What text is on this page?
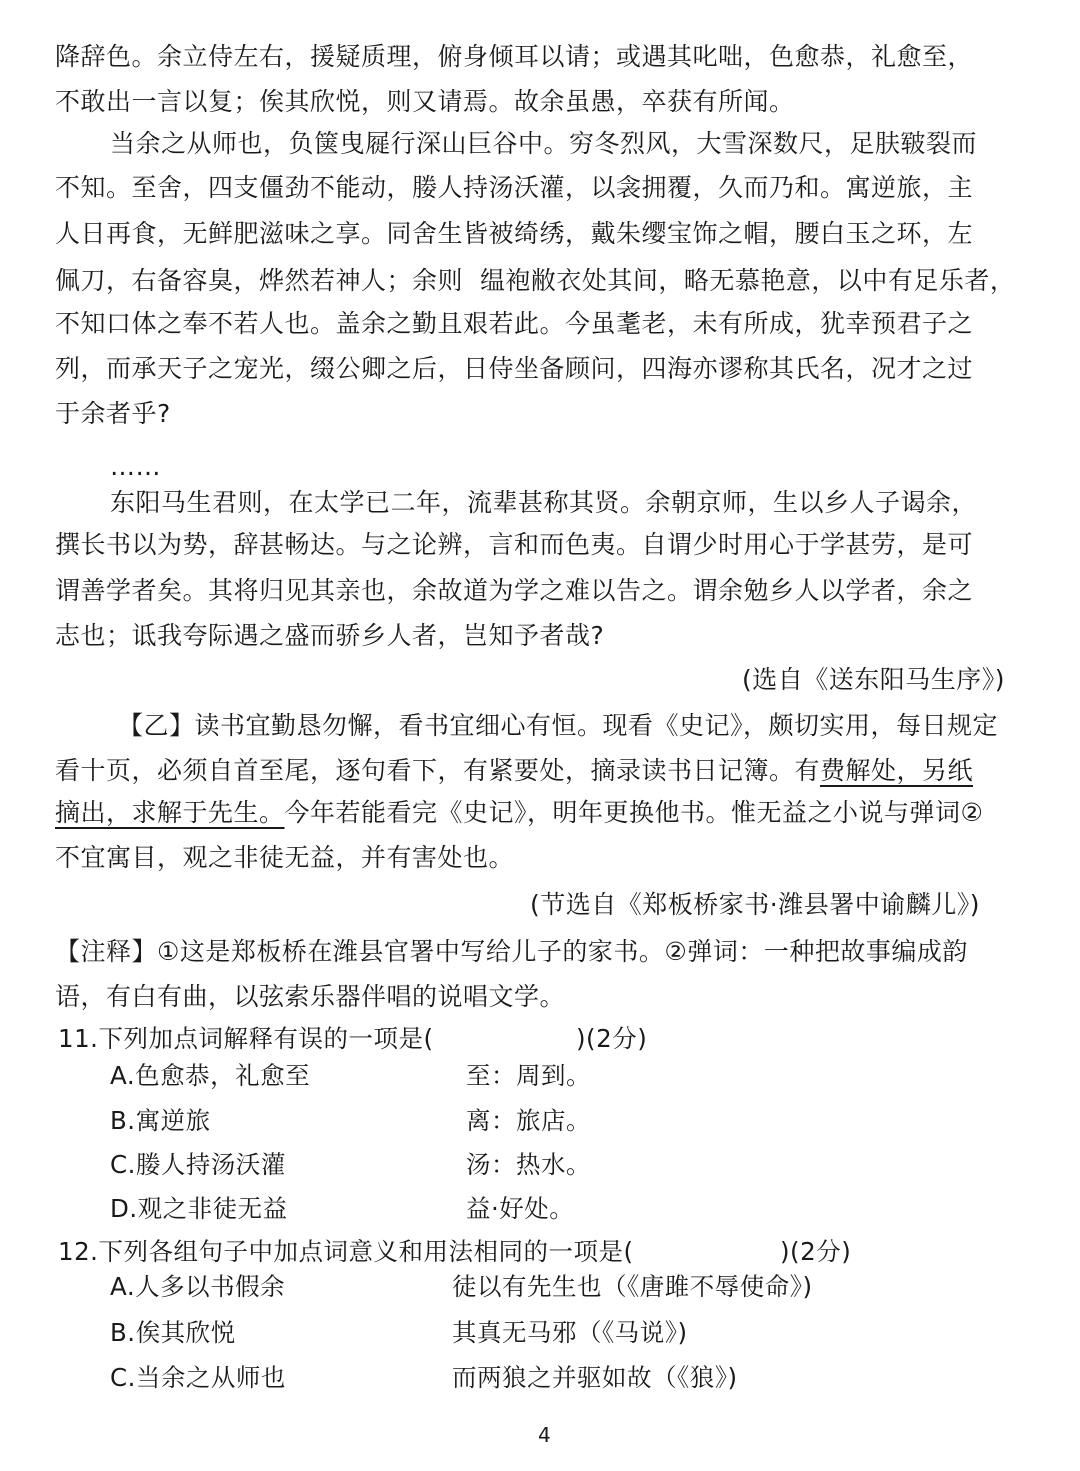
降辞色。余立侍左右，援疑质理，俯身倾耳以请；或遇其叱咄，色愈恭，礼愈至，

不敢出一言以复；俟其欣悦，则又请焉。故余虽愚，卒获有所闻。

当余之从师也，负箧曳屣行深山巨谷中。穷冬烈风，大雪深数尺，足肤皲裂而

不知。至舍，四支僵劲不能动，媵人持汤沃灌，以衾拥覆，久而乃和。寓逆旅，主

人日再食，无鲜肥滋味之享。同舍生皆被绮绣，戴朱缨宝饰之帽，腰白玉之环，左

佩刀，右备容臭，烨然若神人；余则  缊袍敝衣处其间，略无慕艳意，以中有足乐者，

不知口体之奉不若人也。盖余之勤且艰若此。今虽耄老，未有所成，犹幸预君子之

列，而承天子之宠光，缀公卿之后，日侍坐备顾问，四海亦谬称其氏名，况才之过

于余者乎?

……

东阳马生君则，在太学已二年，流辈甚称其贤。余朝京师，生以乡人子谒余，

撰长书以为势，辞甚畅达。与之论辨，言和而色夷。自谓少时用心于学甚劳，是可

谓善学者矣。其将归见其亲也，余故道为学之难以告之。谓余勉乡人以学者，余之

志也；诋我夸际遇之盛而骄乡人者，岂知予者哉?

(选自《送东阳马生序》)

【乙】读书宜勤恳勿懈，看书宜细心有恒。现看《史记》，颇切实用，每日规定

看十页，必须自首至尾，逐句看下，有紧要处，摘录读书日记簿。有费解处，另纸

摘出，求解于先生。今年若能看完《史记》，明年更换他书。惟无益之小说与弹词②

不宜寓目，观之非徒无益，并有害处也。

(节选自《郑板桥家书·潍县署中谕麟儿》)

【注释】①这是郑板桥在潍县官署中写给儿子的家书。②弹词：一种把故事编成韵

语，有白有曲，以弦索乐器伴唱的说唱文学。

11.下列加点词解释有误的一项是(	)(2分)

A.色愈恭，礼愈至	至：周到。

B.寓逆旅	离：旅店。

C.媵人持汤沃灌	汤：热水。

D.观之非徒无益	益·好处。

12.下列各组句子中加点词意义和用法相同的一项是(	)(2分)

A.人多以书假余	徒以有先生也（《唐雎不辱使命》)

B.俟其欣悦	其真无马邪（《马说》)

C.当余之从师也	而两狼之并驱如故（《狼》)

4
